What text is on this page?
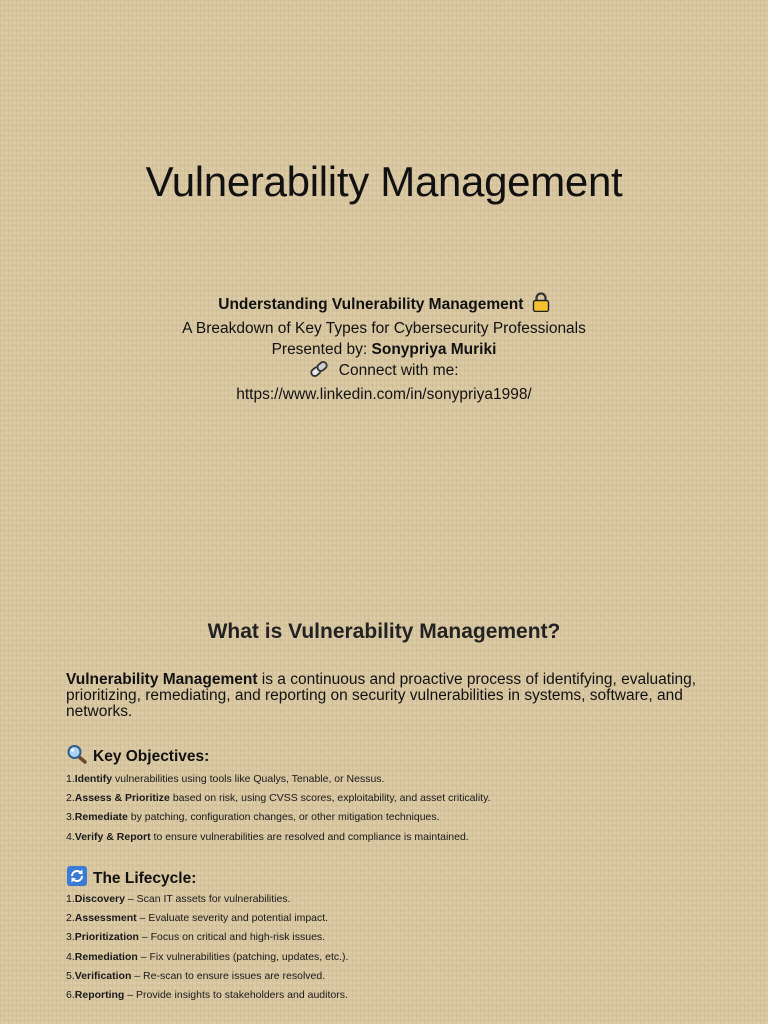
Vulnerability Management
Understanding Vulnerability Management
A Breakdown of Key Types for Cybersecurity Professionals
Presented by: Sonypriya Muriki
Connect with me:
https://www.linkedin.com/in/sonypriya1998/
What is Vulnerability Management?

Vulnerability Management is a continuous and proactive process of identifying, evaluating, prioritizing, remediating, and reporting on security vulnerabilities in systems, software, and networks.

Key Objectives:
1.Identify vulnerabilities using tools like Qualys, Tenable, or Nessus.
2.Assess & Prioritize based on risk, using CVSS scores, exploitability, and asset criticality.
3.Remediate by patching, configuration changes, or other mitigation techniques.
4.Verify & Report to ensure vulnerabilities are resolved and compliance is maintained.
The Lifecycle:
1.Discovery – Scan IT assets for vulnerabilities.
2.Assessment – Evaluate severity and potential impact.
3.Prioritization – Focus on critical and high-risk issues.
4.Remediation – Fix vulnerabilities (patching, updates, etc.).
5.Verification – Re-scan to ensure issues are resolved.
6.Reporting – Provide insights to stakeholders and auditors.
